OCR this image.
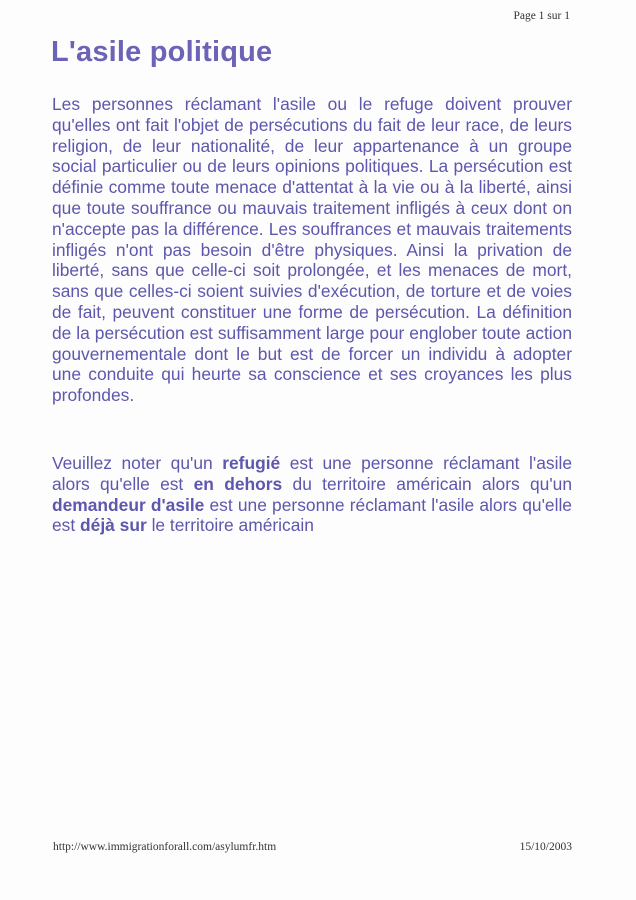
Page 1 sur 1
L'asile politique

Les personnes réclamant l'asile ou le refuge doivent prouver qu'elles ont fait l'objet de persécutions du fait de leur race, de leurs religion, de leur nationalité, de leur appartenance à un groupe social particulier ou de leurs opinions politiques. La persécution est définie comme toute menace d'attentat à la vie ou à la liberté, ainsi que toute souffrance ou mauvais traitement infligés à ceux dont on n'accepte pas la différence. Les souffrances et mauvais traitements infligés n'ont pas besoin d'être physiques. Ainsi la privation de liberté, sans que celle-ci soit prolongée, et les menaces de mort, sans que celles-ci soient suivies d'exécution, de torture et de voies de fait, peuvent constituer une forme de persécution. La définition de la persécution est suffisamment large pour englober toute action gouvernementale dont le but est de forcer un individu à adopter une conduite qui heurte sa conscience et ses croyances les plus profondes.

Veuillez noter qu'un refugié est une personne réclamant l'asile alors qu'elle est en dehors du territoire américain alors qu'un demandeur d'asile est une personne réclamant l'asile alors qu'elle est déjà sur le territoire américain

http://www.immigrationforall.com/asylumfr.htm	15/10/2003
